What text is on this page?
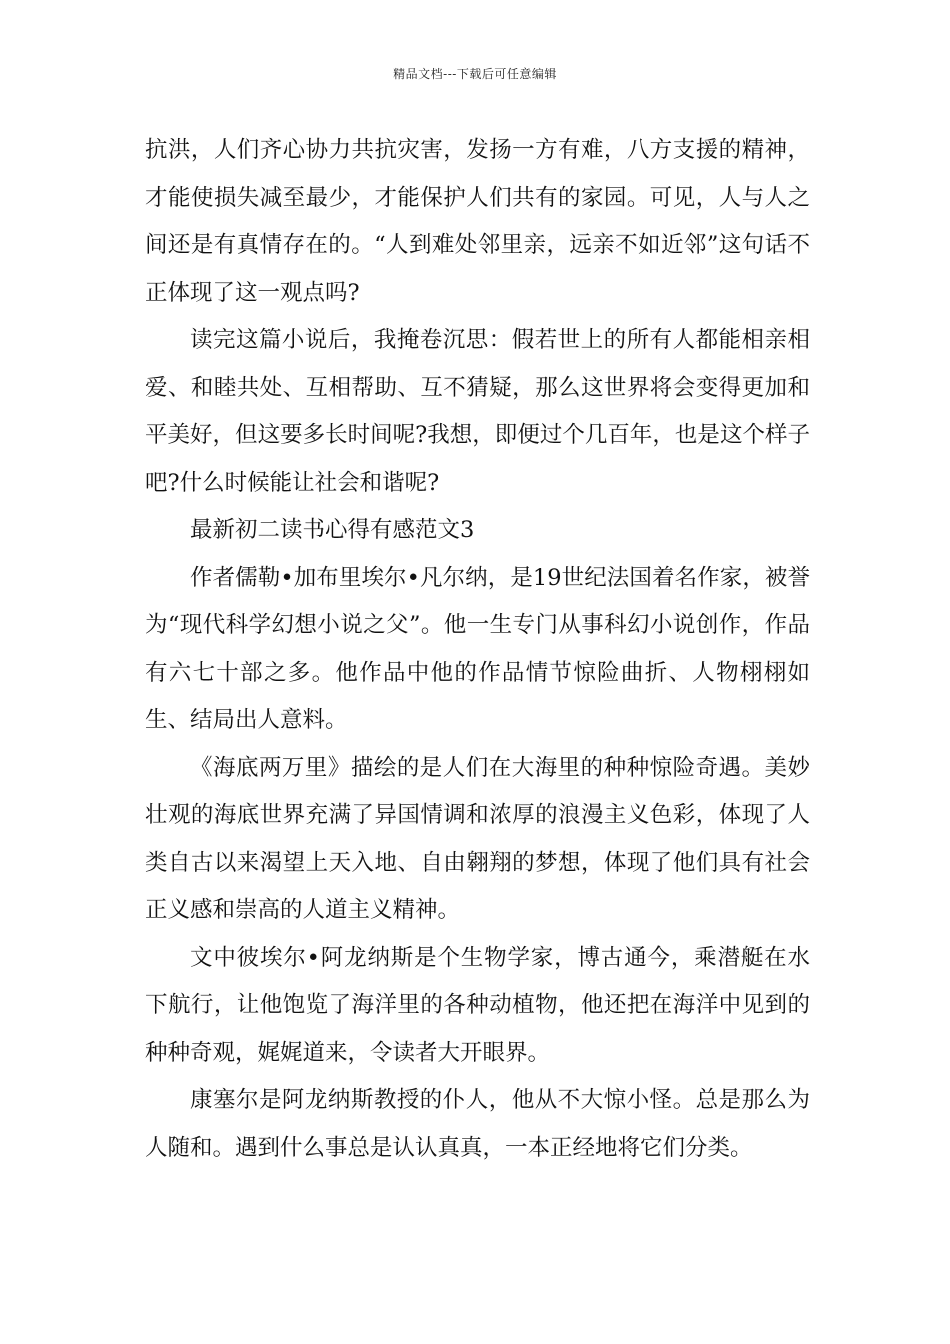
精品文档---下载后可任意编辑

抗洪，人们齐心协力共抗灾害，发扬一方有难，八方支援的精神，才能使损失减至最少，才能保护人们共有的家园。可见，人与人之间还是有真情存在的。“人到难处邻里亲，远亲不如近邻”这句话不正体现了这一观点吗?

读完这篇小说后，我掩卷沉思：假若世上的所有人都能相亲相爱、和睦共处、互相帮助、互不猜疑，那么这世界将会变得更加和平美好，但这要多长时间呢?我想，即便过个几百年，也是这个样子吧?什么时候能让社会和谐呢?

最新初二读书心得有感范文3

作者儒勒•加布里埃尔•凡尔纳，是19世纪法国着名作家，被誉为“现代科学幻想小说之父”。他一生专门从事科幻小说创作，作品有六七十部之多。他作品中他的作品情节惊险曲折、人物栩栩如生、结局出人意料。

《海底两万里》描绘的是人们在大海里的种种惊险奇遇。美妙壮观的海底世界充满了异国情调和浓厚的浪漫主义色彩，体现了人类自古以来渴望上天入地、自由翱翔的梦想，体现了他们具有社会正义感和崇高的人道主义精神。

文中彼埃尔•阿龙纳斯是个生物学家，博古通今，乘潜艇在水下航行，让他饱览了海洋里的各种动植物，他还把在海洋中见到的种种奇观，娓娓道来，令读者大开眼界。

康塞尔是阿龙纳斯教授的仆人，他从不大惊小怪。总是那么为人随和。遇到什么事总是认认真真，一本正经地将它们分类。
